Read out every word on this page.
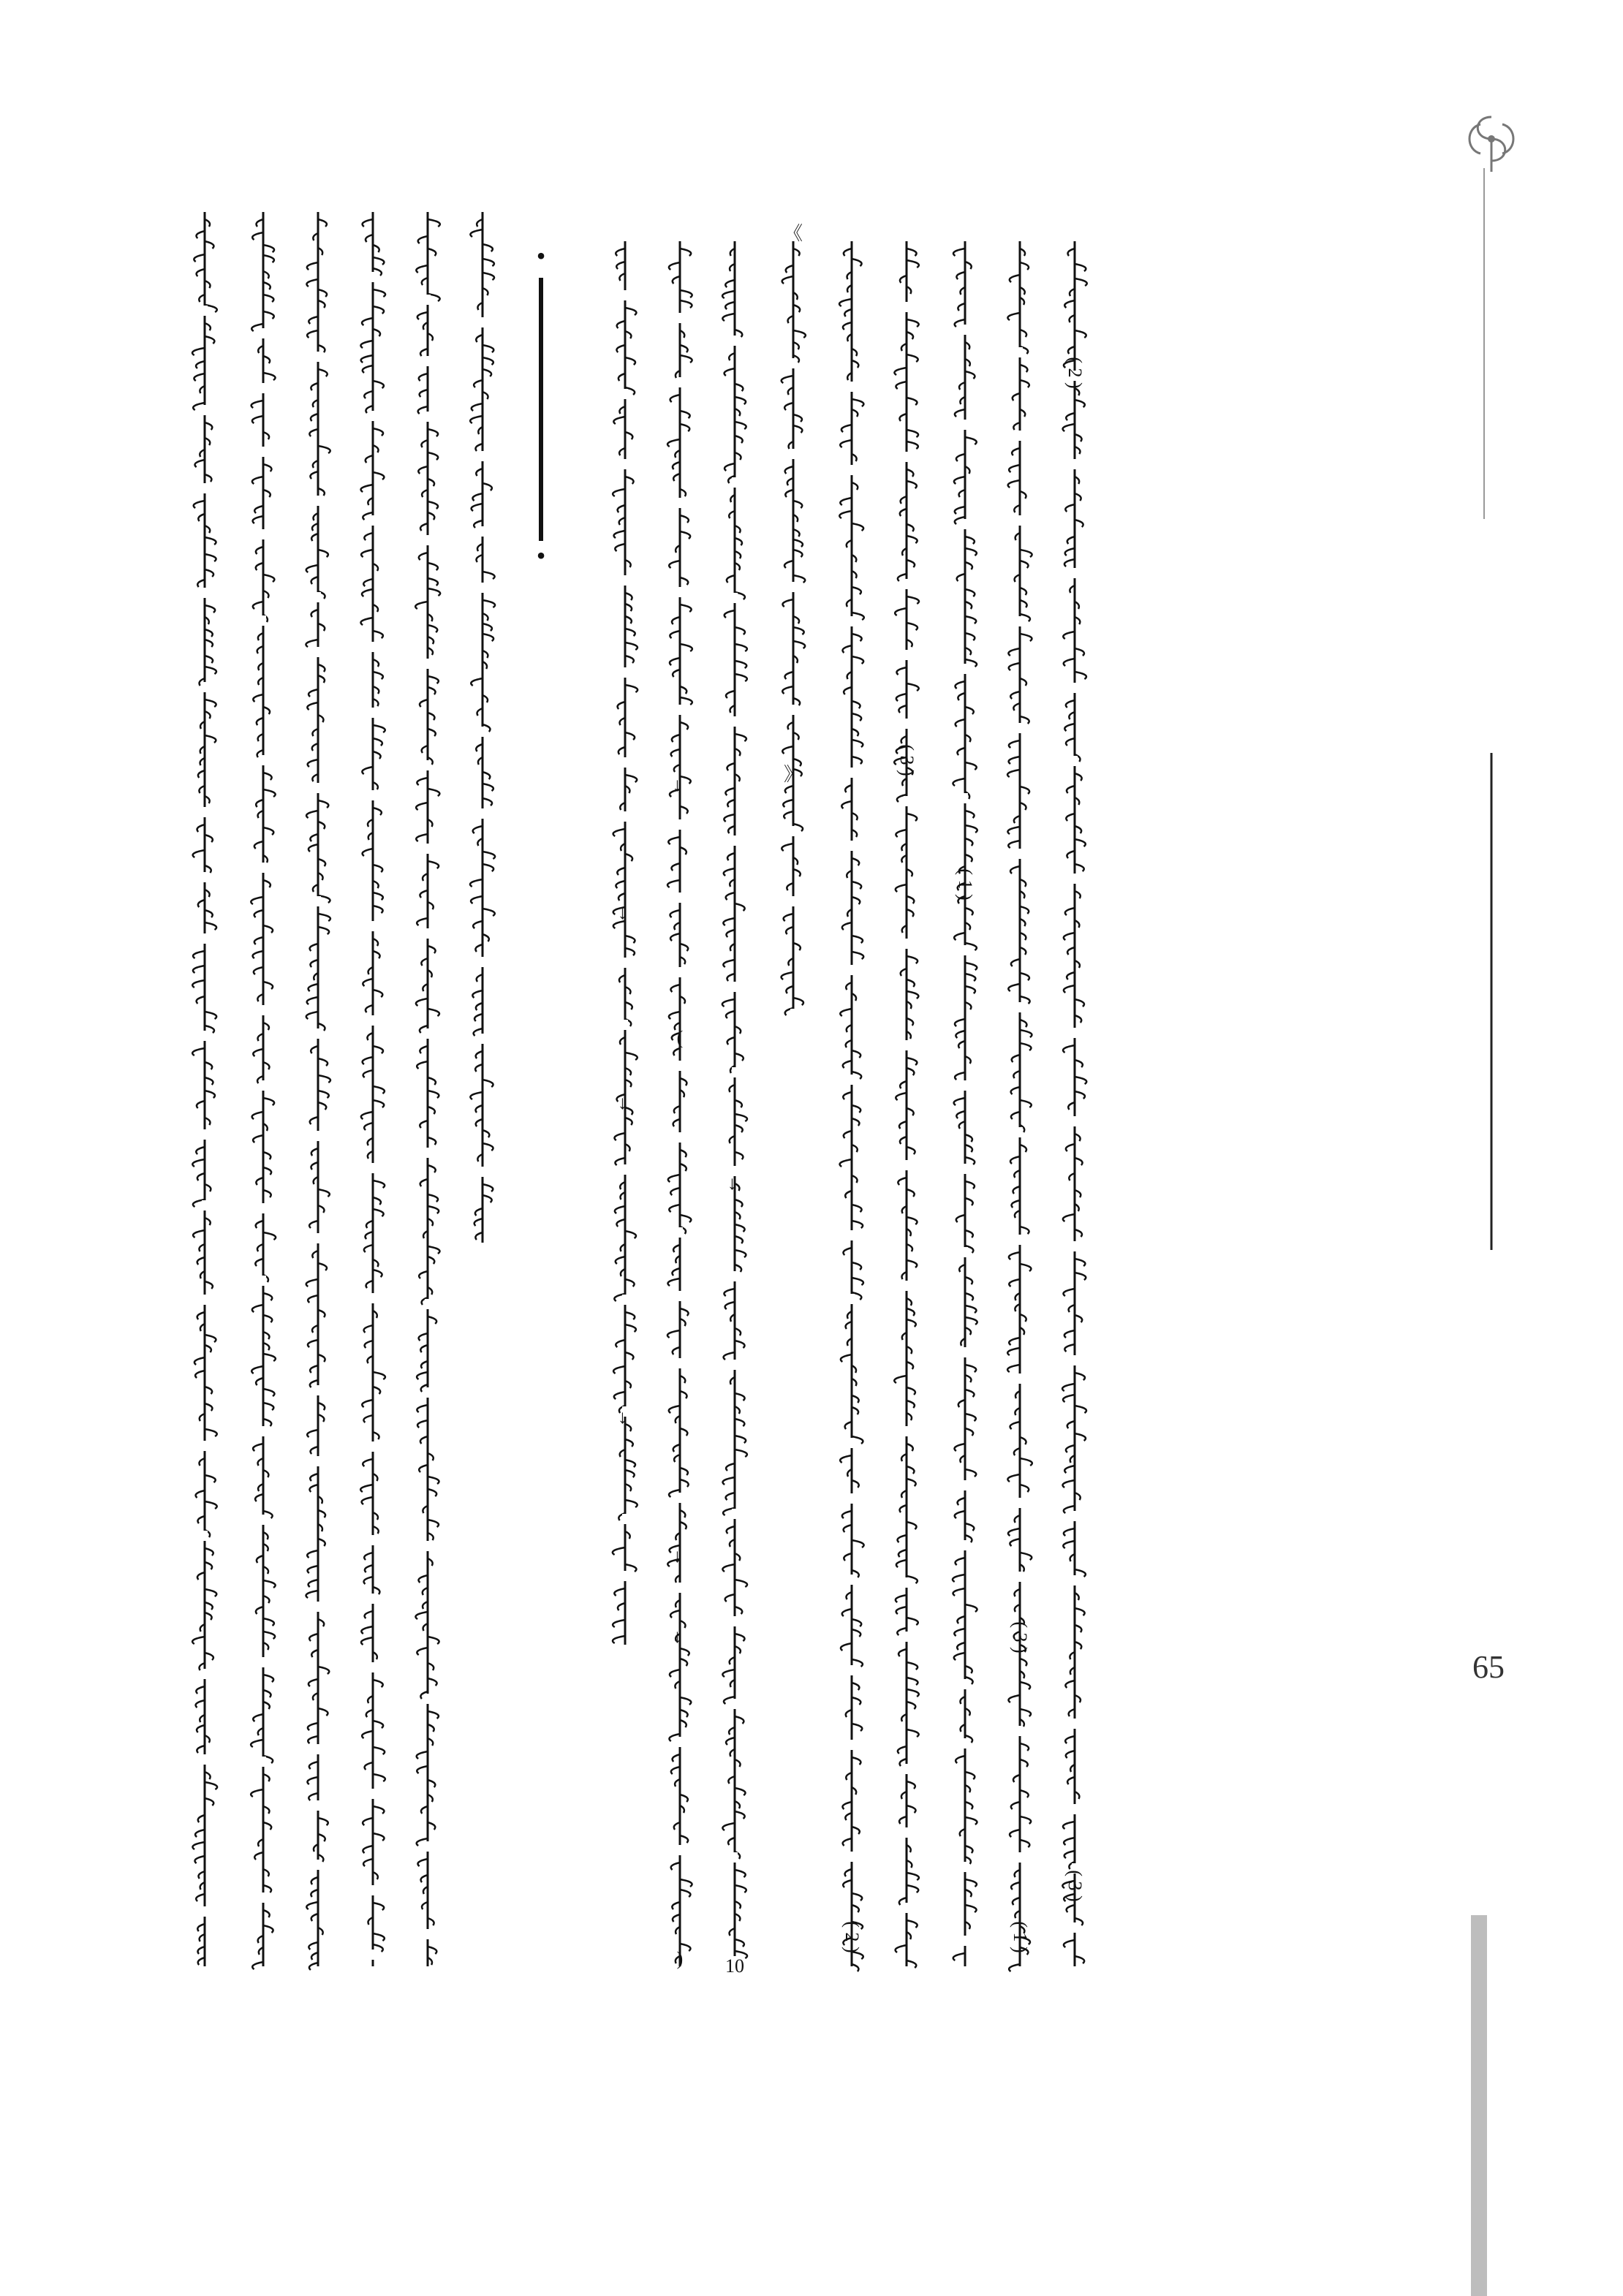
•
•
→
→
→
→
(
→
→
) 10
→
《
》
( 2 )
( 3 )
( 1 )
( 3 )
( 1 )
( 2 )
( 3 )
65
